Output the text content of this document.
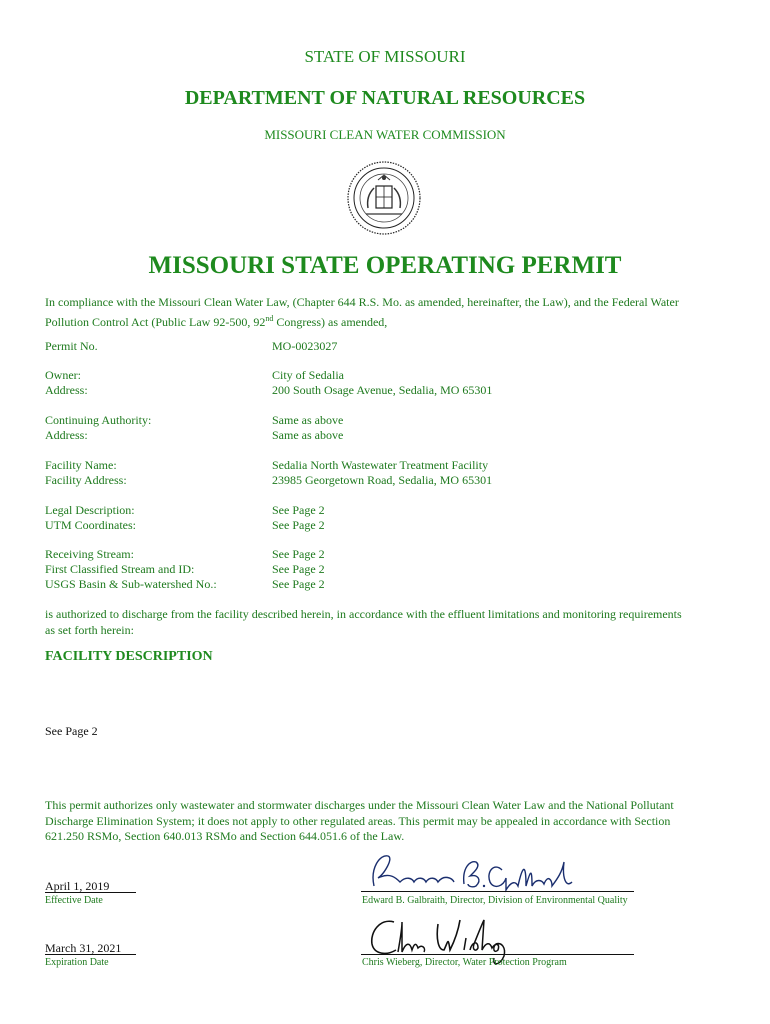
STATE OF MISSOURI
DEPARTMENT OF NATURAL RESOURCES
MISSOURI CLEAN WATER COMMISSION
MISSOURI STATE OPERATING PERMIT
In compliance with the Missouri Clean Water Law, (Chapter 644 R.S. Mo. as amended, hereinafter, the Law), and the Federal Water
Pollution Control Act (Public Law 92-500, 92nd Congress) as amended,
Permit No.	MO-0023027
Owner:	City of Sedalia
Address:	200 South Osage Avenue, Sedalia, MO 65301
Continuing Authority:	Same as above
Address:	Same as above
Facility Name:	Sedalia North Wastewater Treatment Facility
Facility Address:	23985 Georgetown Road, Sedalia, MO 65301
Legal Description:	See Page 2
UTM Coordinates:	See Page 2
Receiving Stream:	See Page 2
First Classified Stream and ID:	See Page 2
USGS Basin & Sub-watershed No.:	See Page 2
is authorized to discharge from the facility described herein, in accordance with the effluent limitations and monitoring requirements
as set forth herein:
FACILITY DESCRIPTION
See Page 2
This permit authorizes only wastewater and stormwater discharges under the Missouri Clean Water Law and the National Pollutant
Discharge Elimination System; it does not apply to other regulated areas. This permit may be appealed in accordance with Section
621.250 RSMo, Section 640.013 RSMo and Section 644.051.6 of the Law.
April 1, 2019
Effective Date	Edward B. Galbraith, Director, Division of Environmental Quality
March 31, 2021
Expiration Date	Chris Wieberg, Director, Water Protection Program
